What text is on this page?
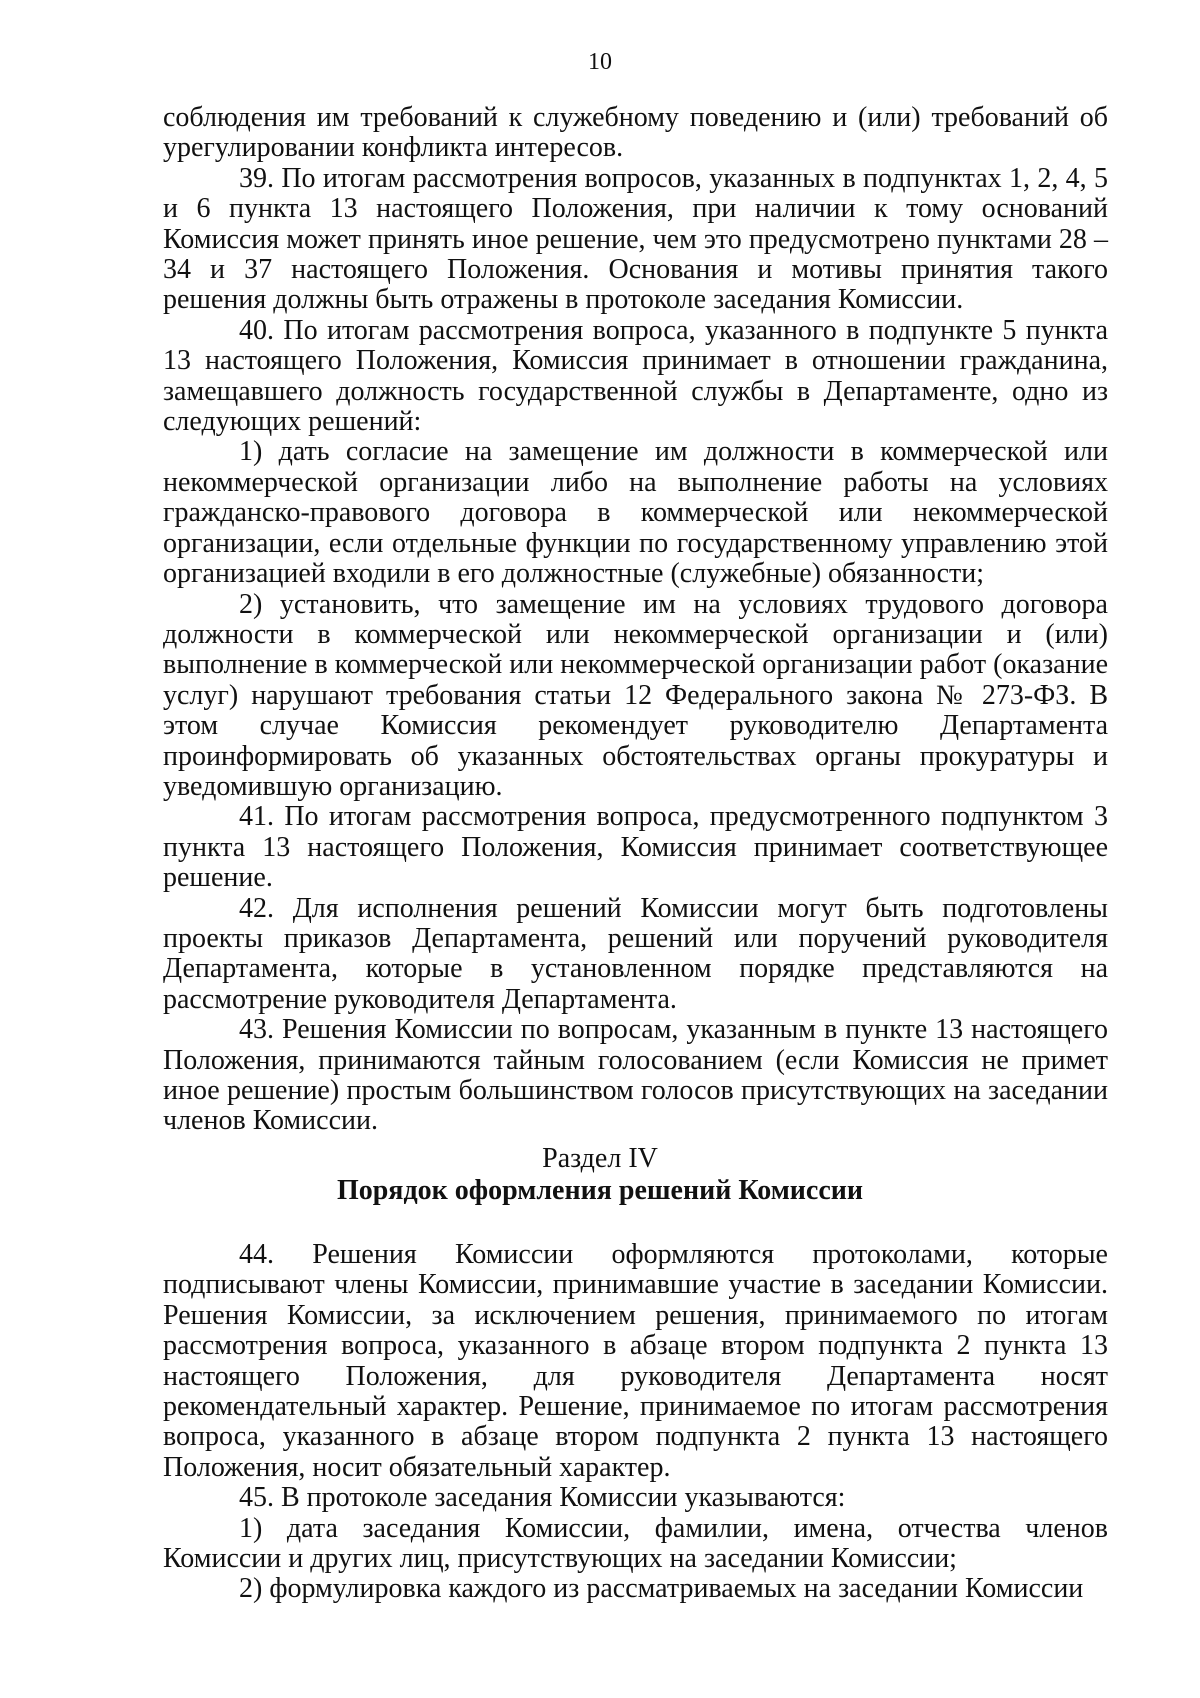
10

соблюдения им требований к служебному поведению и (или) требований об урегулировании конфликта интересов.

39. По итогам рассмотрения вопросов, указанных в подпунктах 1, 2, 4, 5 и 6 пункта 13 настоящего Положения, при наличии к тому оснований Комиссия может принять иное решение, чем это предусмотрено пунктами 28 – 34 и 37 настоящего Положения. Основания и мотивы принятия такого решения должны быть отражены в протоколе заседания Комиссии.

40. По итогам рассмотрения вопроса, указанного в подпункте 5 пункта 13 настоящего Положения, Комиссия принимает в отношении гражданина, замещавшего должность государственной службы в Департаменте, одно из следующих решений:

1) дать согласие на замещение им должности в коммерческой или некоммерческой организации либо на выполнение работы на условиях гражданско-правового договора в коммерческой или некоммерческой организации, если отдельные функции по государственному управлению этой организацией входили в его должностные (служебные) обязанности;

2) установить, что замещение им на условиях трудового договора должности в коммерческой или некоммерческой организации и (или) выполнение в коммерческой или некоммерческой организации работ (оказание услуг) нарушают требования статьи 12 Федерального закона № 273-ФЗ. В этом случае Комиссия рекомендует руководителю Департамента проинформировать об указанных обстоятельствах органы прокуратуры и уведомившую организацию.

41. По итогам рассмотрения вопроса, предусмотренного подпунктом 3 пункта 13 настоящего Положения, Комиссия принимает соответствующее решение.

42. Для исполнения решений Комиссии могут быть подготовлены проекты приказов Департамента, решений или поручений руководителя Департамента, которые в установленном порядке представляются на рассмотрение руководителя Департамента.

43. Решения Комиссии по вопросам, указанным в пункте 13 настоящего Положения, принимаются тайным голосованием (если Комиссия не примет иное решение) простым большинством голосов присутствующих на заседании членов Комиссии.

Раздел IV
Порядок оформления решений Комиссии

44. Решения Комиссии оформляются протоколами, которые подписывают члены Комиссии, принимавшие участие в заседании Комиссии. Решения Комиссии, за исключением решения, принимаемого по итогам рассмотрения вопроса, указанного в абзаце втором подпункта 2 пункта 13 настоящего Положения, для руководителя Департамента носят рекомендательный характер. Решение, принимаемое по итогам рассмотрения вопроса, указанного в абзаце втором подпункта 2 пункта 13 настоящего Положения, носит обязательный характер.

45. В протоколе заседания Комиссии указываются:

1) дата заседания Комиссии, фамилии, имена, отчества членов Комиссии и других лиц, присутствующих на заседании Комиссии;

2) формулировка каждого из рассматриваемых на заседании Комиссии
